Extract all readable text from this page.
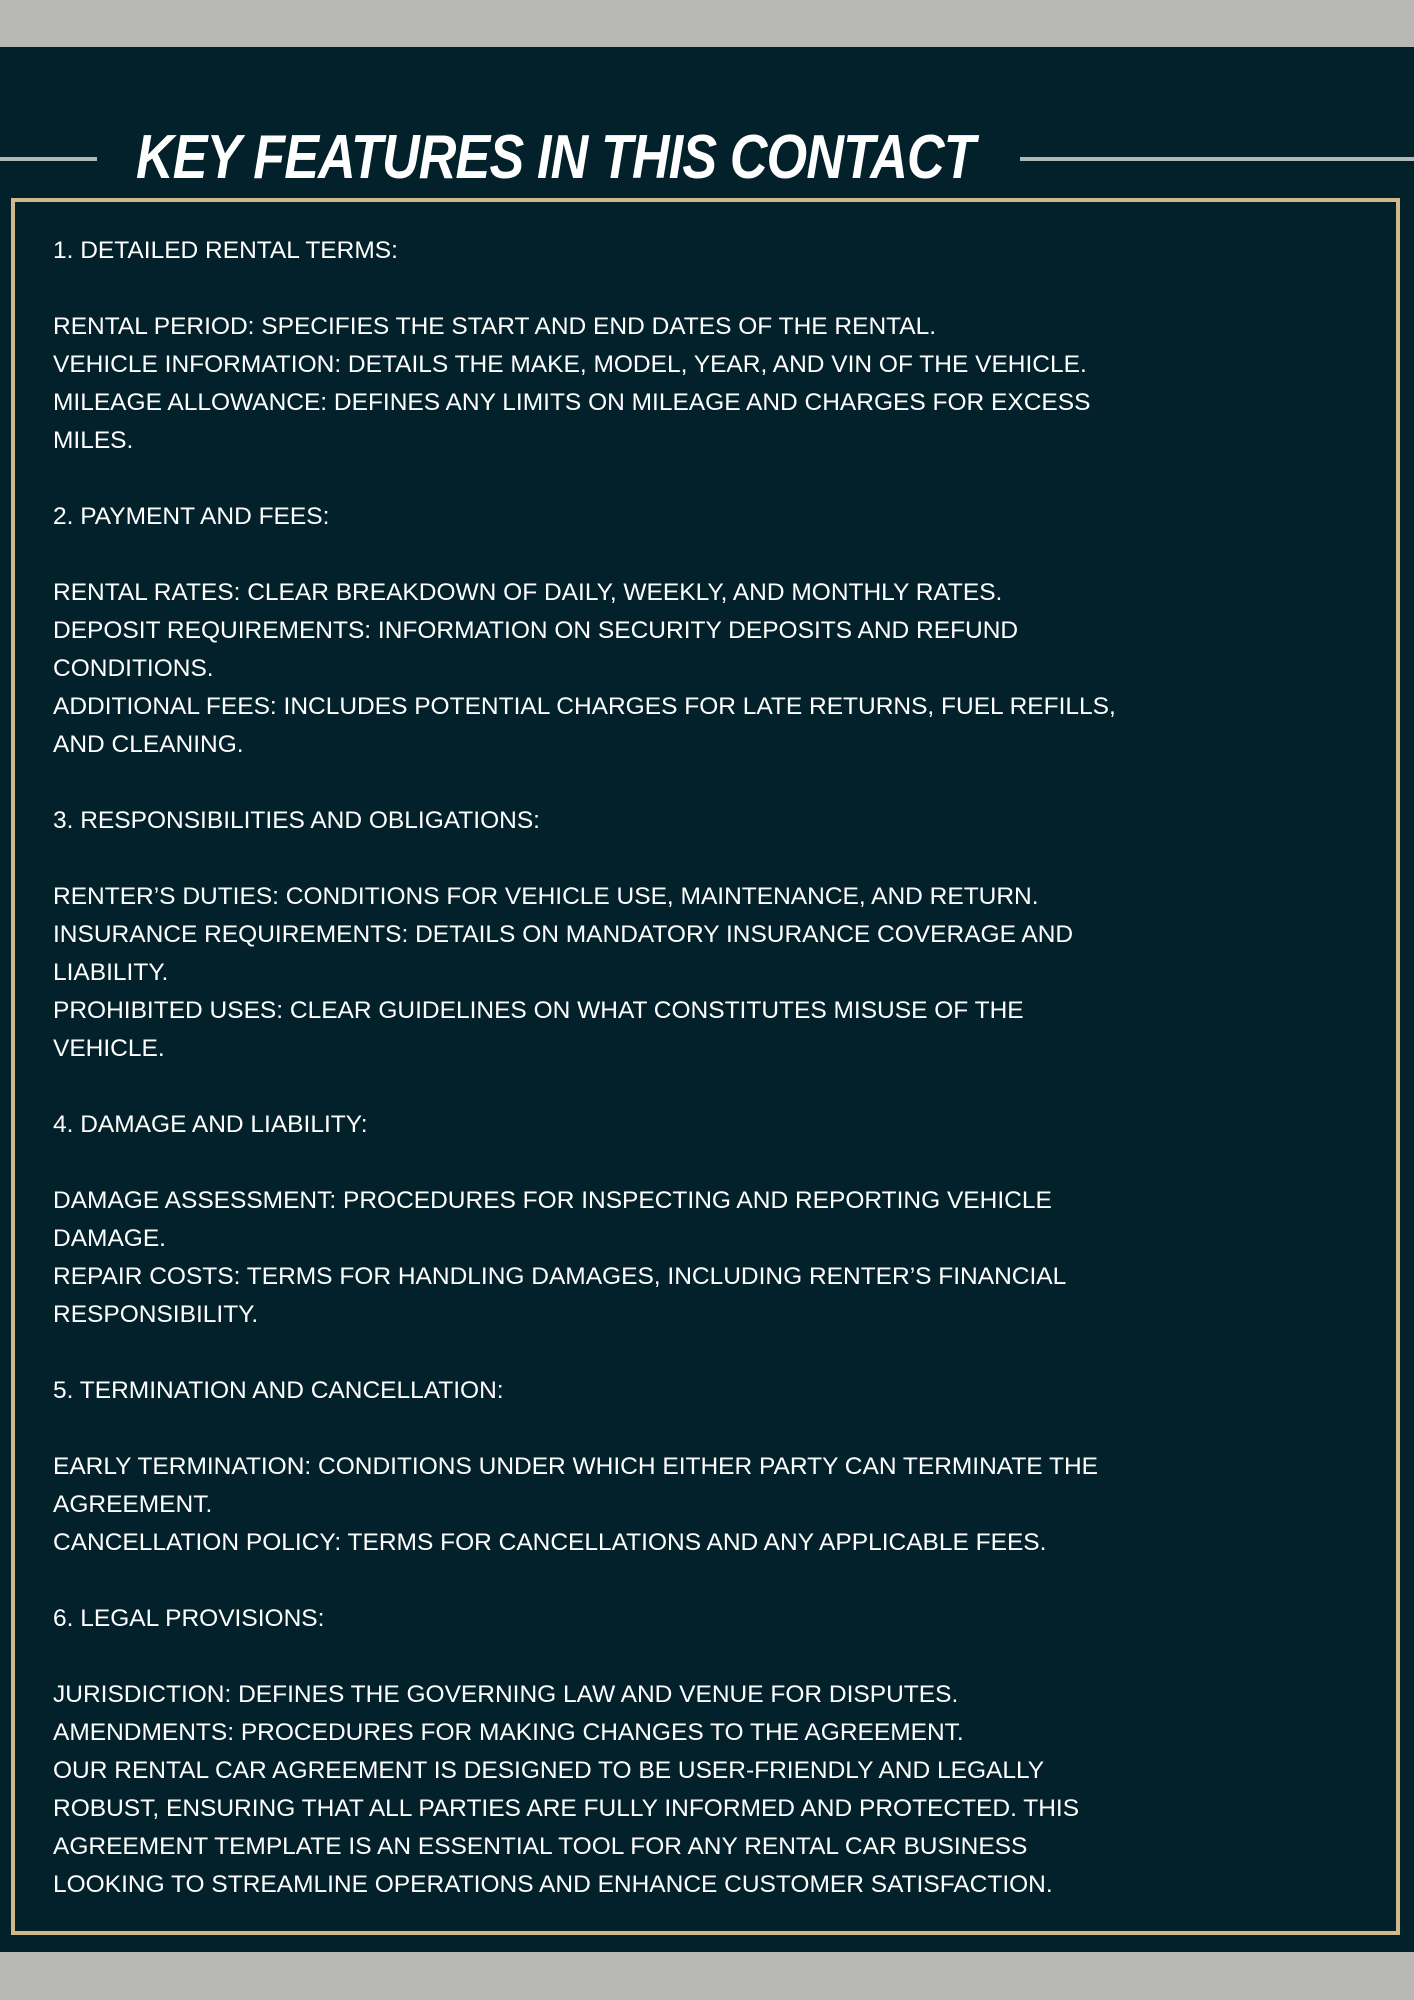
KEY FEATURES IN THIS CONTACT

1. DETAILED RENTAL TERMS:

RENTAL PERIOD: SPECIFIES THE START AND END DATES OF THE RENTAL.

VEHICLE INFORMATION: DETAILS THE MAKE, MODEL, YEAR, AND VIN OF THE VEHICLE.

MILEAGE ALLOWANCE: DEFINES ANY LIMITS ON MILEAGE AND CHARGES FOR EXCESS MILES.

2. PAYMENT AND FEES:

RENTAL RATES: CLEAR BREAKDOWN OF DAILY, WEEKLY, AND MONTHLY RATES.

DEPOSIT REQUIREMENTS: INFORMATION ON SECURITY DEPOSITS AND REFUND CONDITIONS.

ADDITIONAL FEES: INCLUDES POTENTIAL CHARGES FOR LATE RETURNS, FUEL REFILLS, AND CLEANING.

3. RESPONSIBILITIES AND OBLIGATIONS:

RENTER’S DUTIES: CONDITIONS FOR VEHICLE USE, MAINTENANCE, AND RETURN.

INSURANCE REQUIREMENTS: DETAILS ON MANDATORY INSURANCE COVERAGE AND LIABILITY.

PROHIBITED USES: CLEAR GUIDELINES ON WHAT CONSTITUTES MISUSE OF THE VEHICLE.

4. DAMAGE AND LIABILITY:

DAMAGE ASSESSMENT: PROCEDURES FOR INSPECTING AND REPORTING VEHICLE DAMAGE.

REPAIR COSTS: TERMS FOR HANDLING DAMAGES, INCLUDING RENTER’S FINANCIAL RESPONSIBILITY.

5. TERMINATION AND CANCELLATION:

EARLY TERMINATION: CONDITIONS UNDER WHICH EITHER PARTY CAN TERMINATE THE AGREEMENT.

CANCELLATION POLICY: TERMS FOR CANCELLATIONS AND ANY APPLICABLE FEES.

6. LEGAL PROVISIONS:

JURISDICTION: DEFINES THE GOVERNING LAW AND VENUE FOR DISPUTES.

AMENDMENTS: PROCEDURES FOR MAKING CHANGES TO THE AGREEMENT.

OUR RENTAL CAR AGREEMENT IS DESIGNED TO BE USER-FRIENDLY AND LEGALLY ROBUST, ENSURING THAT ALL PARTIES ARE FULLY INFORMED AND PROTECTED. THIS AGREEMENT TEMPLATE IS AN ESSENTIAL TOOL FOR ANY RENTAL CAR BUSINESS LOOKING TO STREAMLINE OPERATIONS AND ENHANCE CUSTOMER SATISFACTION.
